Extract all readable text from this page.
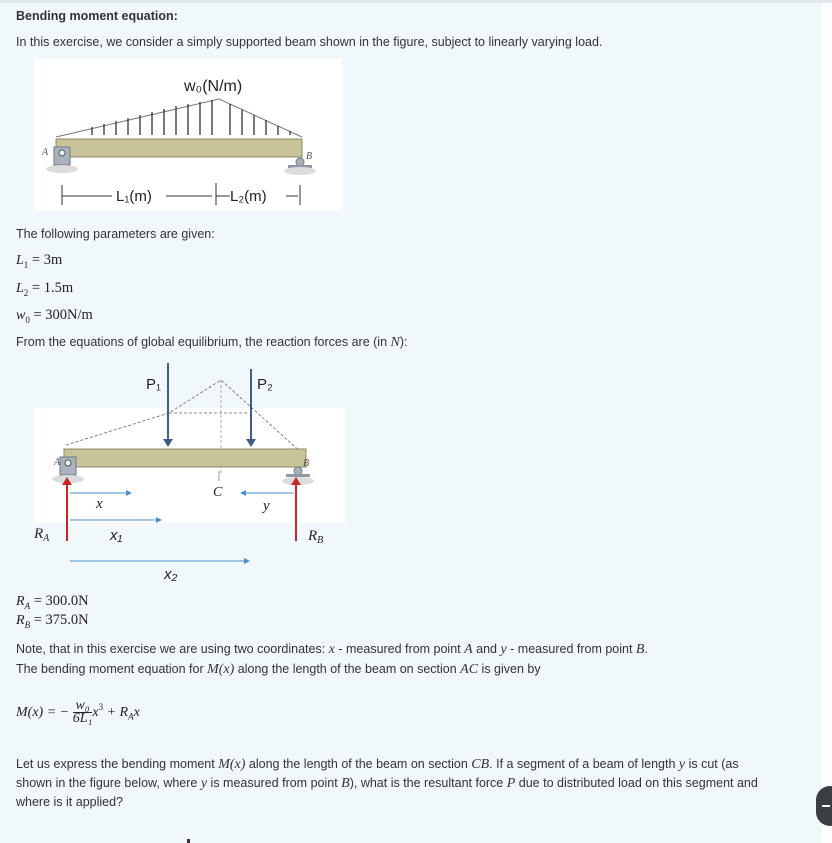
Bending moment equation:
In this exercise, we consider a simply supported beam shown in the figure, subject to linearly varying load.
w₀(N/m)
A	B
L₁(m)	L₂(m)
The following parameters are given:
$L_1 = 3m$
$L_2 = 1.5m$
$w_0 = 300N/m$
From the equations of global equilibrium, the reaction forces are (in N):
P₁	P₂
A	B
C
$R_A$	$R_B$
x	y
x₁
x₂
$R_A = 300.0N$
$R_B = 375.0N$
Note, that in this exercise we are using two coordinates: x - measured from point A and y - measured from point B.
The bending moment equation for M(x) along the length of the beam on section AC is given by
M(x) = − $\frac{\text{w₀}}{\text{6L₁}} x^3 + R_Ax$
Let us express the bending moment M(x) along the length of the beam on section CB. If a segment of a beam of length y is cut (as
shown in the figure below, where y is measured from point B), what is the resultant force P due to distributed load on this segment and
where is it applied?
